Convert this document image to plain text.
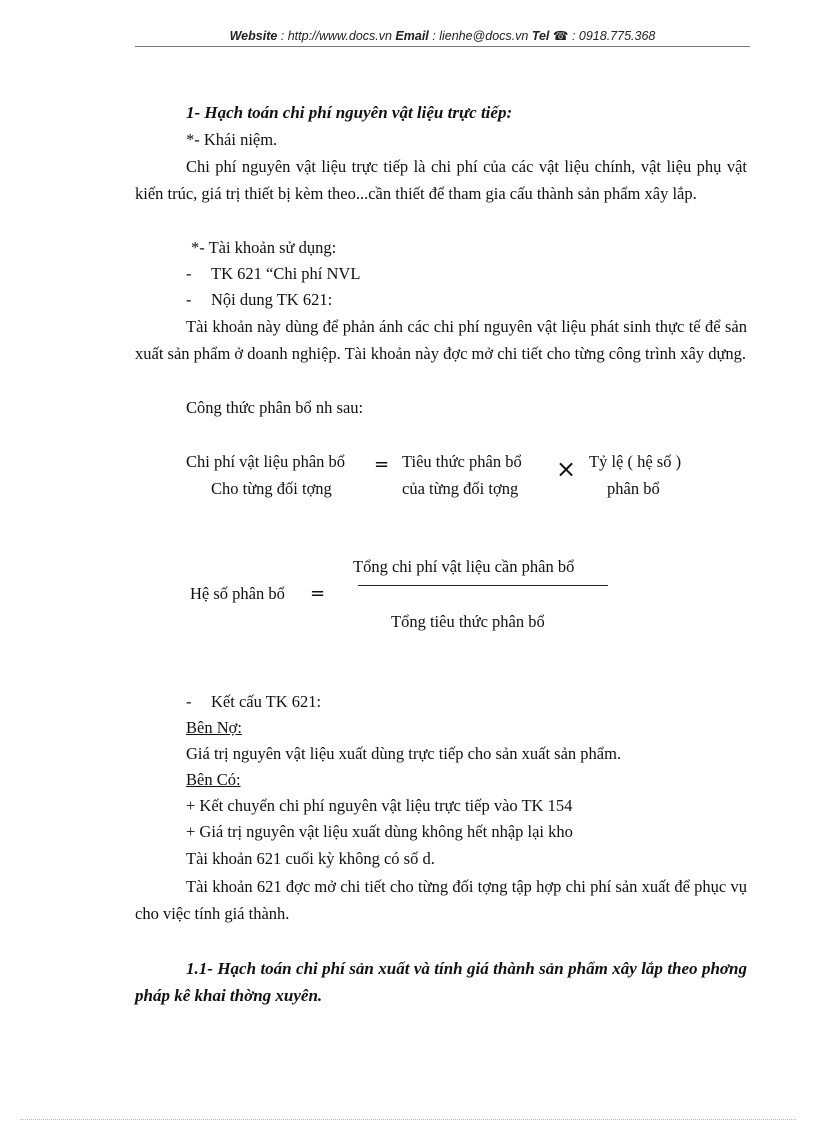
Website : http://www.docs.vn Email : lienhe@docs.vn Tel ☎ : 0918.775.368
1- Hạch toán chi phí nguyên vật liệu trực tiếp:
*- Khái niệm.
Chi phí nguyên vật liệu trực tiếp là chi phí của các vật liệu chính, vật liệu phụ vật kiến trúc, giá trị thiết bị kèm theo...cần thiết để tham gia cấu thành sản phẩm xây lắp.
*- Tài khoản sử dụng:
- TK 621 “Chi phí NVL
- Nội dung TK 621:
Tài khoản này dùng để phản ánh các chi phí nguyên vật liệu phát sinh thực tế để sản xuất sản phẩm ở doanh nghiệp. Tài khoản này đợc mở chi tiết cho từng công trình xây dựng.
Công thức phân bổ nh sau:
Chi phí vật liệu phân bổ
Cho từng đối tợng
= Tiêu thức phân bổ
của từng đối tợng
× Tỷ lệ ( hệ số )
phân bổ
Tổng chi phí vật liệu cần phân bổ
Hệ số phân bổ =
Tổng tiêu thức phân bổ
- Kết cấu TK 621:
Bên Nợ:
Giá trị nguyên vật liệu xuất dùng trực tiếp cho sản xuất sản phẩm.
Bên Có:
+ Kết chuyển chi phí nguyên vật liệu trực tiếp vào TK 154
+ Giá trị nguyên vật liệu xuất dùng không hết nhập lại kho
Tài khoản 621 cuối kỳ không có số d.
Tài khoản 621 đợc mở chi tiết cho từng đối tợng tập hợp chi phí sản xuất để phục vụ cho việc tính giá thành.
1.1- Hạch toán chi phí sản xuất và tính giá thành sản phẩm xây lắp theo phơng pháp kê khai thờng xuyên.
